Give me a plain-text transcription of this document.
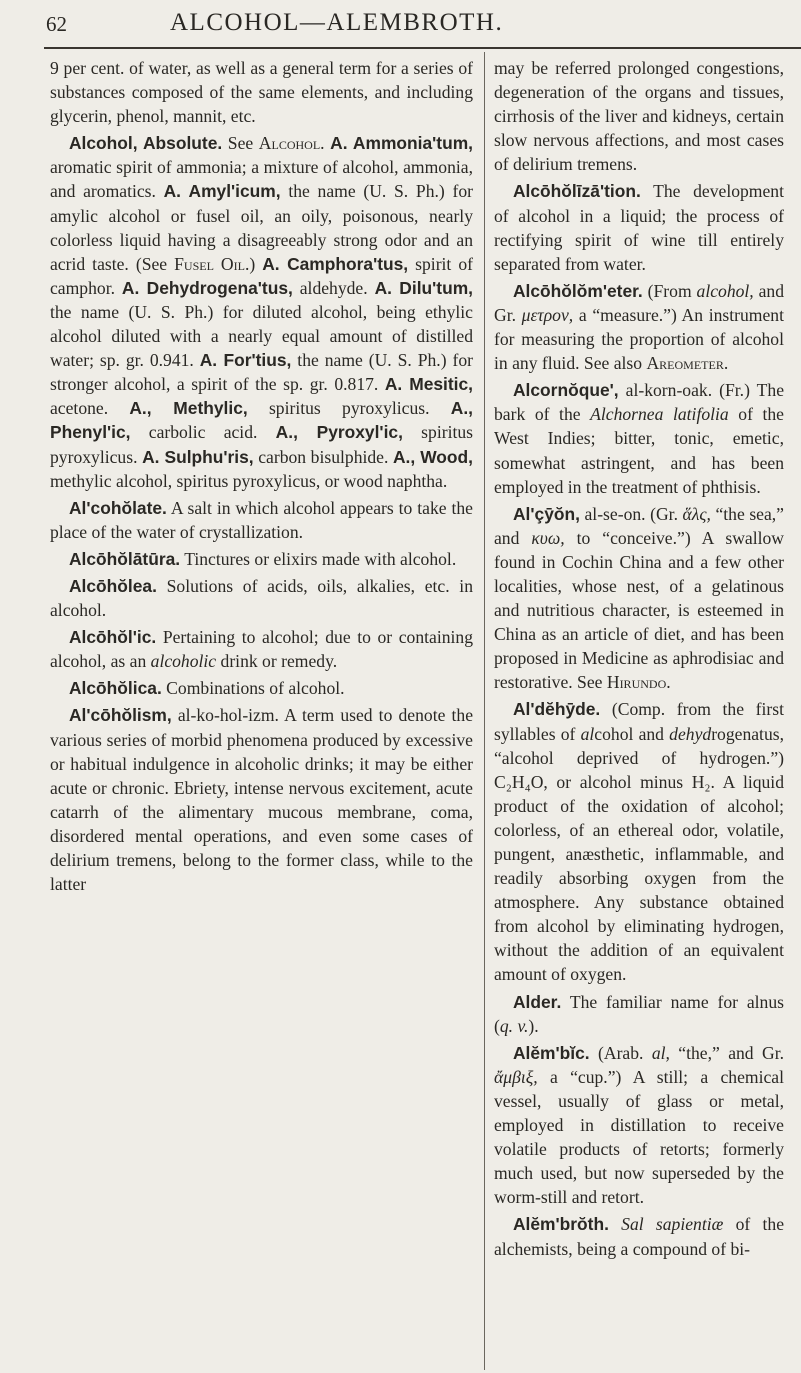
62	ALCOHOL—ALEMBROTH.

9 per cent. of water, as well as a general term for a series of substances composed of the same elements, and including glycerin, phenol, mannit, etc.

Alcohol, Absolute. See Alcohol. A. Ammonia'tum, aromatic spirit of ammonia; a mixture of alcohol, ammonia, and aromatics. A. Amyl'icum, the name (U. S. Ph.) for amylic alcohol or fusel oil, an oily, poisonous, nearly colorless liquid having a disagreeably strong odor and an acrid taste. (See Fusel Oil.) A. Camphora'tus, spirit of camphor. A. Dehydrogena'tus, aldehyde. A. Dilu'tum, the name (U. S. Ph.) for diluted alcohol, being ethylic alcohol diluted with a nearly equal amount of distilled water; sp. gr. 0.941. A. For'tius, the name (U. S. Ph.) for stronger alcohol, a spirit of the sp. gr. 0.817. A. Mesitic, acetone. A., Methylic, spiritus pyroxylicus. A., Phenyl'ic, carbolic acid. A., Pyroxyl'ic, spiritus pyroxylicus. A. Sulphu'ris, carbon bisulphide. A., Wood, methylic alcohol, spiritus pyroxylicus, or wood naphtha.

Al'cohŏlate. A salt in which alcohol appears to take the place of the water of crystallization.

Alcōhŏlātūra. Tinctures or elixirs made with alcohol.

Alcōhŏlea. Solutions of acids, oils, alkalies, etc. in alcohol.

Alcōhŏl'ic. Pertaining to alcohol; due to or containing alcohol, as an alcoholic drink or remedy.

Alcōhŏlica. Combinations of alcohol.

Al'cōhŏlism, al-ko-hol-izm. A term used to denote the various series of morbid phenomena produced by excessive or habitual indulgence in alcoholic drinks; it may be either acute or chronic. Ebriety, intense nervous excitement, acute catarrh of the alimentary mucous membrane, coma, disordered mental operations, and even some cases of delirium tremens, belong to the former class, while to the latter

may be referred prolonged congestions, degeneration of the organs and tissues, cirrhosis of the liver and kidneys, certain slow nervous affections, and most cases of delirium tremens.

Alcōhŏlīzā'tion. The development of alcohol in a liquid; the process of rectifying spirit of wine till entirely separated from water.

Alcōhŏlŏm'eter. (From alcohol, and Gr. μετρον, a “measure.”) An instrument for measuring the proportion of alcohol in any fluid. See also Areometer.

Alcornŏque', al-korn-oak. (Fr.) The bark of the Alchornea latifolia of the West Indies; bitter, tonic, emetic, somewhat astringent, and has been employed in the treatment of phthisis.

Al'çȳŏn, al-se-on. (Gr. ἅλς, “the sea,” and κυω, to “conceive.”) A swallow found in Cochin China and a few other localities, whose nest, of a gelatinous and nutritious character, is esteemed in China as an article of diet, and has been proposed in Medicine as aphrodisiac and restorative. See Hirundo.

Al'dĕhȳde. (Comp. from the first syllables of alcohol and dehydrogenatus, “alcohol deprived of hydrogen.”) C₂H₄O, or alcohol minus H₂. A liquid product of the oxidation of alcohol; colorless, of an ethereal odor, volatile, pungent, anæsthetic, inflammable, and readily absorbing oxygen from the atmosphere. Any substance obtained from alcohol by eliminating hydrogen, without the addition of an equivalent amount of oxygen.

Alder. The familiar name for alnus (q. v.).

Alĕm'bĭc. (Arab. al, “the,” and Gr. ἄμβιξ, a “cup.”) A still; a chemical vessel, usually of glass or metal, employed in distillation to receive volatile products of retorts; formerly much used, but now superseded by the worm-still and retort.

Alĕm'brŏth. Sal sapientiæ of the alchemists, being a compound of bi-
